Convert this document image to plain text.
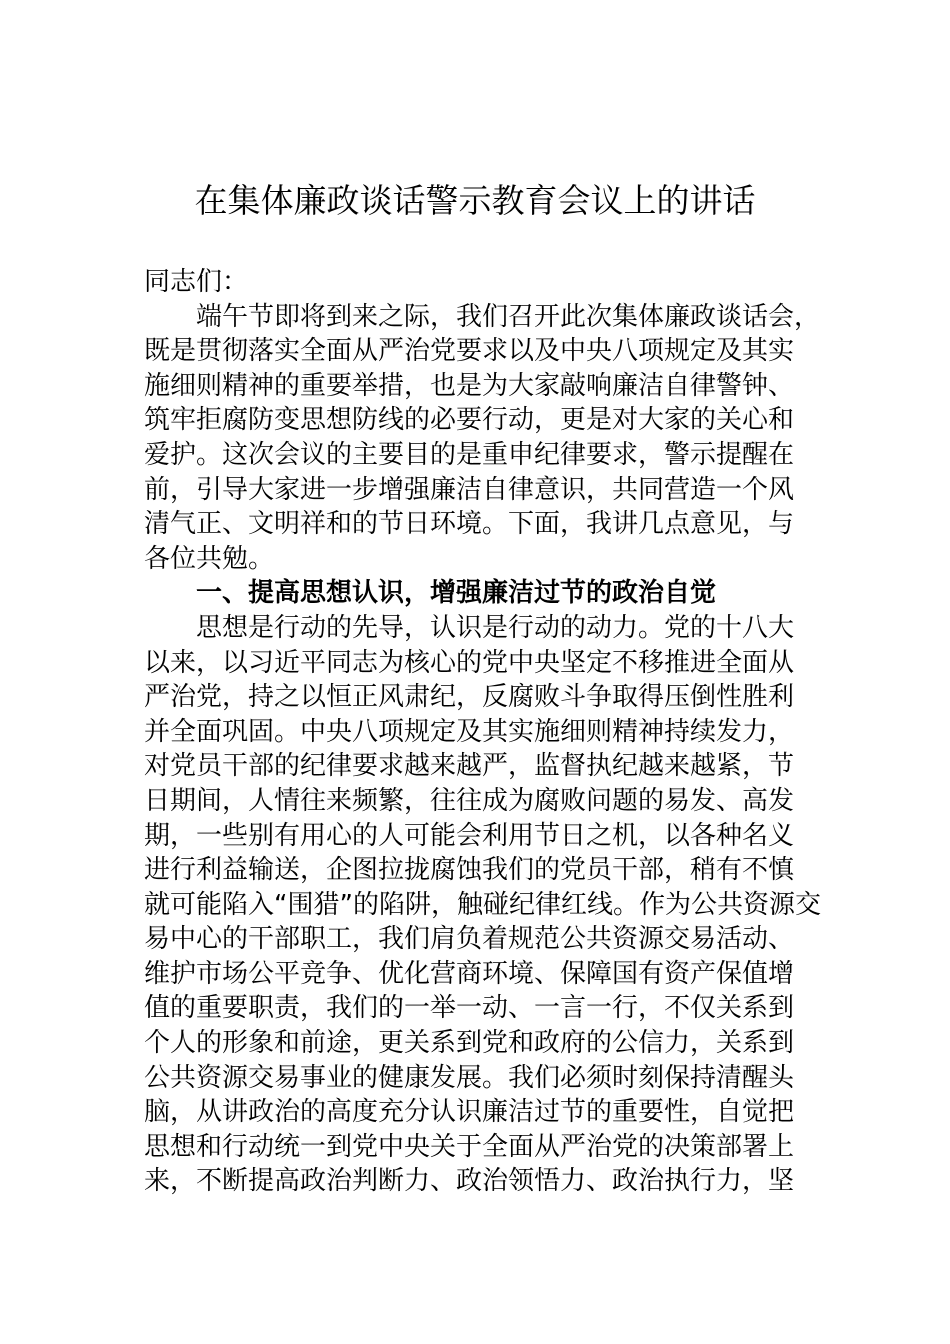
在集体廉政谈话警示教育会议上的讲话
同志们：
端午节即将到来之际，我们召开此次集体廉政谈话会，
既是贯彻落实全面从严治党要求以及中央八项规定及其实
施细则精神的重要举措，也是为大家敲响廉洁自律警钟、
筑牢拒腐防变思想防线的必要行动，更是对大家的关心和
爱护。这次会议的主要目的是重申纪律要求，警示提醒在
前，引导大家进一步增强廉洁自律意识，共同营造一个风
清气正、文明祥和的节日环境。下面，我讲几点意见，与
各位共勉。
一、提高思想认识，增强廉洁过节的政治自觉
思想是行动的先导，认识是行动的动力。党的十八大
以来，以习近平同志为核心的党中央坚定不移推进全面从
严治党，持之以恒正风肃纪，反腐败斗争取得压倒性胜利
并全面巩固。中央八项规定及其实施细则精神持续发力，
对党员干部的纪律要求越来越严，监督执纪越来越紧，节
日期间，人情往来频繁，往往成为腐败问题的易发、高发
期，一些别有用心的人可能会利用节日之机，以各种名义
进行利益输送，企图拉拢腐蚀我们的党员干部，稍有不慎
就可能陷入“围猎”的陷阱，触碰纪律红线。作为公共资源交
易中心的干部职工，我们肩负着规范公共资源交易活动、
维护市场公平竞争、优化营商环境、保障国有资产保值增
值的重要职责，我们的一举一动、一言一行，不仅关系到
个人的形象和前途，更关系到党和政府的公信力，关系到
公共资源交易事业的健康发展。我们必须时刻保持清醒头
脑，从讲政治的高度充分认识廉洁过节的重要性，自觉把
思想和行动统一到党中央关于全面从严治党的决策部署上
来，不断提高政治判断力、政治领悟力、政治执行力，坚
